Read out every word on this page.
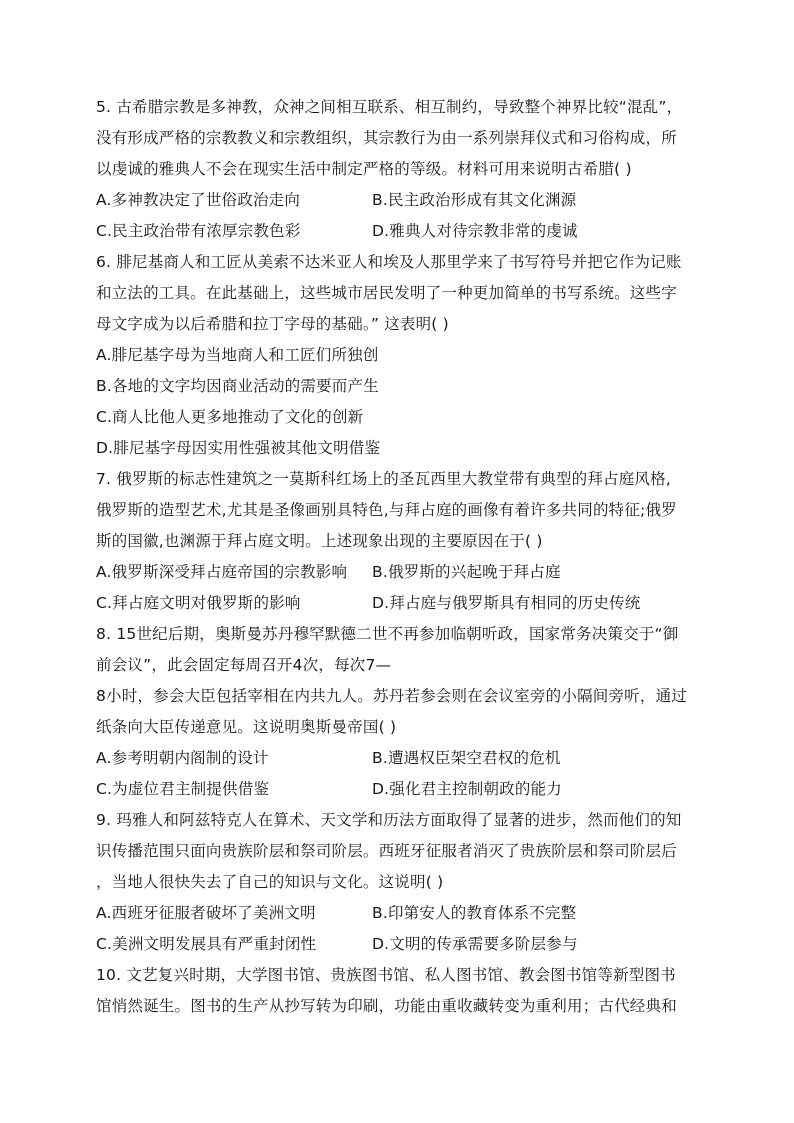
5. 古希腊宗教是多神教，众神之间相互联系、相互制约，导致整个神界比较“混乱”，
没有形成严格的宗教教义和宗教组织，其宗教行为由一系列崇拜仪式和习俗构成，所
以虔诚的雅典人不会在现实生活中制定严格的等级。材料可用来说明古希腊( )
A.多神教决定了世俗政治走向	B.民主政治形成有其文化渊源
C.民主政治带有浓厚宗教色彩	D.雅典人对待宗教非常的虔诚
6. 腓尼基商人和工匠从美索不达米亚人和埃及人那里学来了书写符号并把它作为记账
和立法的工具。在此基础上，这些城市居民发明了一种更加简单的书写系统。这些字
母文字成为以后希腊和拉丁字母的基础。” 这表明( )
A.腓尼基字母为当地商人和工匠们所独创
B.各地的文字均因商业活动的需要而产生
C.商人比他人更多地推动了文化的创新
D.腓尼基字母因实用性强被其他文明借鉴
7. 俄罗斯的标志性建筑之一莫斯科红场上的圣瓦西里大教堂带有典型的拜占庭风格,
俄罗斯的造型艺术,尤其是圣像画别具特色,与拜占庭的画像有着许多共同的特征;俄罗
斯的国徽,也渊源于拜占庭文明。上述现象出现的主要原因在于( )
A.俄罗斯深受拜占庭帝国的宗教影响 B.俄罗斯的兴起晚于拜占庭
C.拜占庭文明对俄罗斯的影响	D.拜占庭与俄罗斯具有相同的历史传统
8. 15世纪后期，奥斯曼苏丹穆罕默德二世不再参加临朝听政，国家常务决策交于“御
前会议”，此会固定每周召开4次，每次7—
8小时，参会大臣包括宰相在内共九人。苏丹若参会则在会议室旁的小隔间旁听，通过
纸条向大臣传递意见。这说明奥斯曼帝国( )
A.参考明朝内阁制的设计	B.遭遇权臣架空君权的危机
C.为虚位君主制提供借鉴	D.强化君主控制朝政的能力
9. 玛雅人和阿兹特克人在算术、天文学和历法方面取得了显著的进步，然而他们的知
识传播范围只面向贵族阶层和祭司阶层。西班牙征服者消灭了贵族阶层和祭司阶层后
，当地人很快失去了自己的知识与文化。这说明( )
A.西班牙征服者破坏了美洲文明	B.印第安人的教育体系不完整
C.美洲文明发展具有严重封闭性	D.文明的传承需要多阶层参与
10. 文艺复兴时期，大学图书馆、贵族图书馆、私人图书馆、教会图书馆等新型图书
馆悄然诞生。图书的生产从抄写转为印刷，功能由重收藏转变为重利用；古代经典和
